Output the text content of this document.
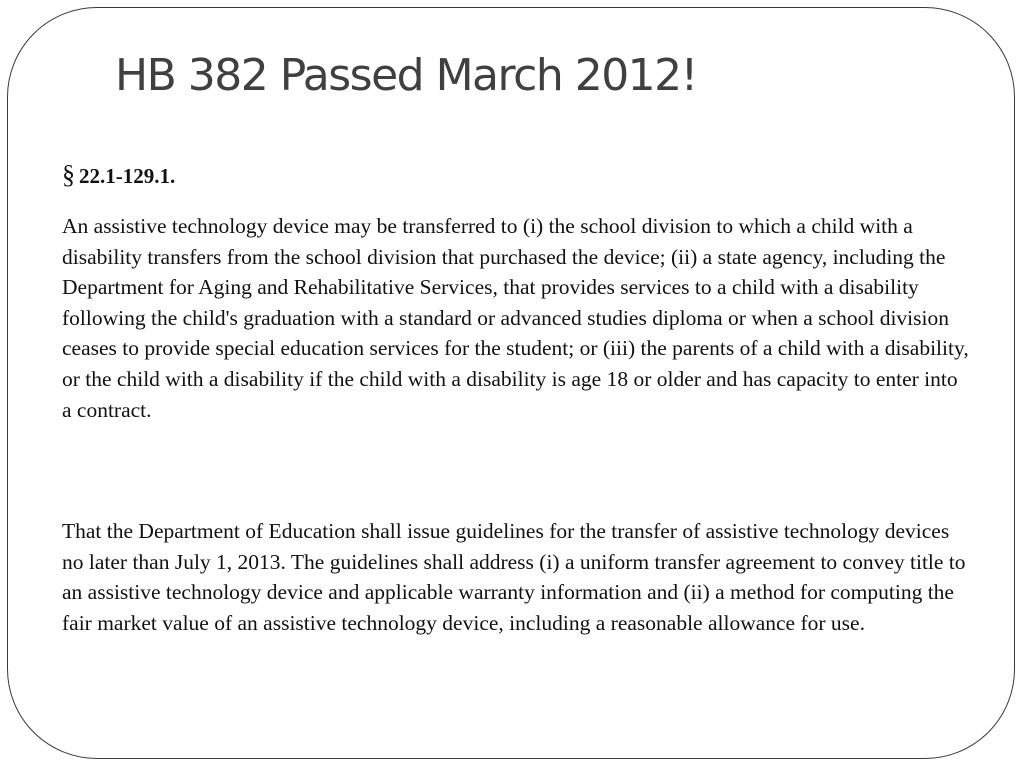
HB 382 Passed March 2012!

§ 22.1-129.1.

An assistive technology device may be transferred to (i) the school division to which a child with a disability transfers from the school division that purchased the device; (ii) a state agency, including the Department for Aging and Rehabilitative Services, that provides services to a child with a disability following the child's graduation with a standard or advanced studies diploma or when a school division ceases to provide special education services for the student; or (iii) the parents of a child with a disability, or the child with a disability if the child with a disability is age 18 or older and has capacity to enter into a contract.

That the Department of Education shall issue guidelines for the transfer of assistive technology devices no later than July 1, 2013. The guidelines shall address (i) a uniform transfer agreement to convey title to an assistive technology device and applicable warranty information and (ii) a method for computing the fair market value of an assistive technology device, including a reasonable allowance for use.
